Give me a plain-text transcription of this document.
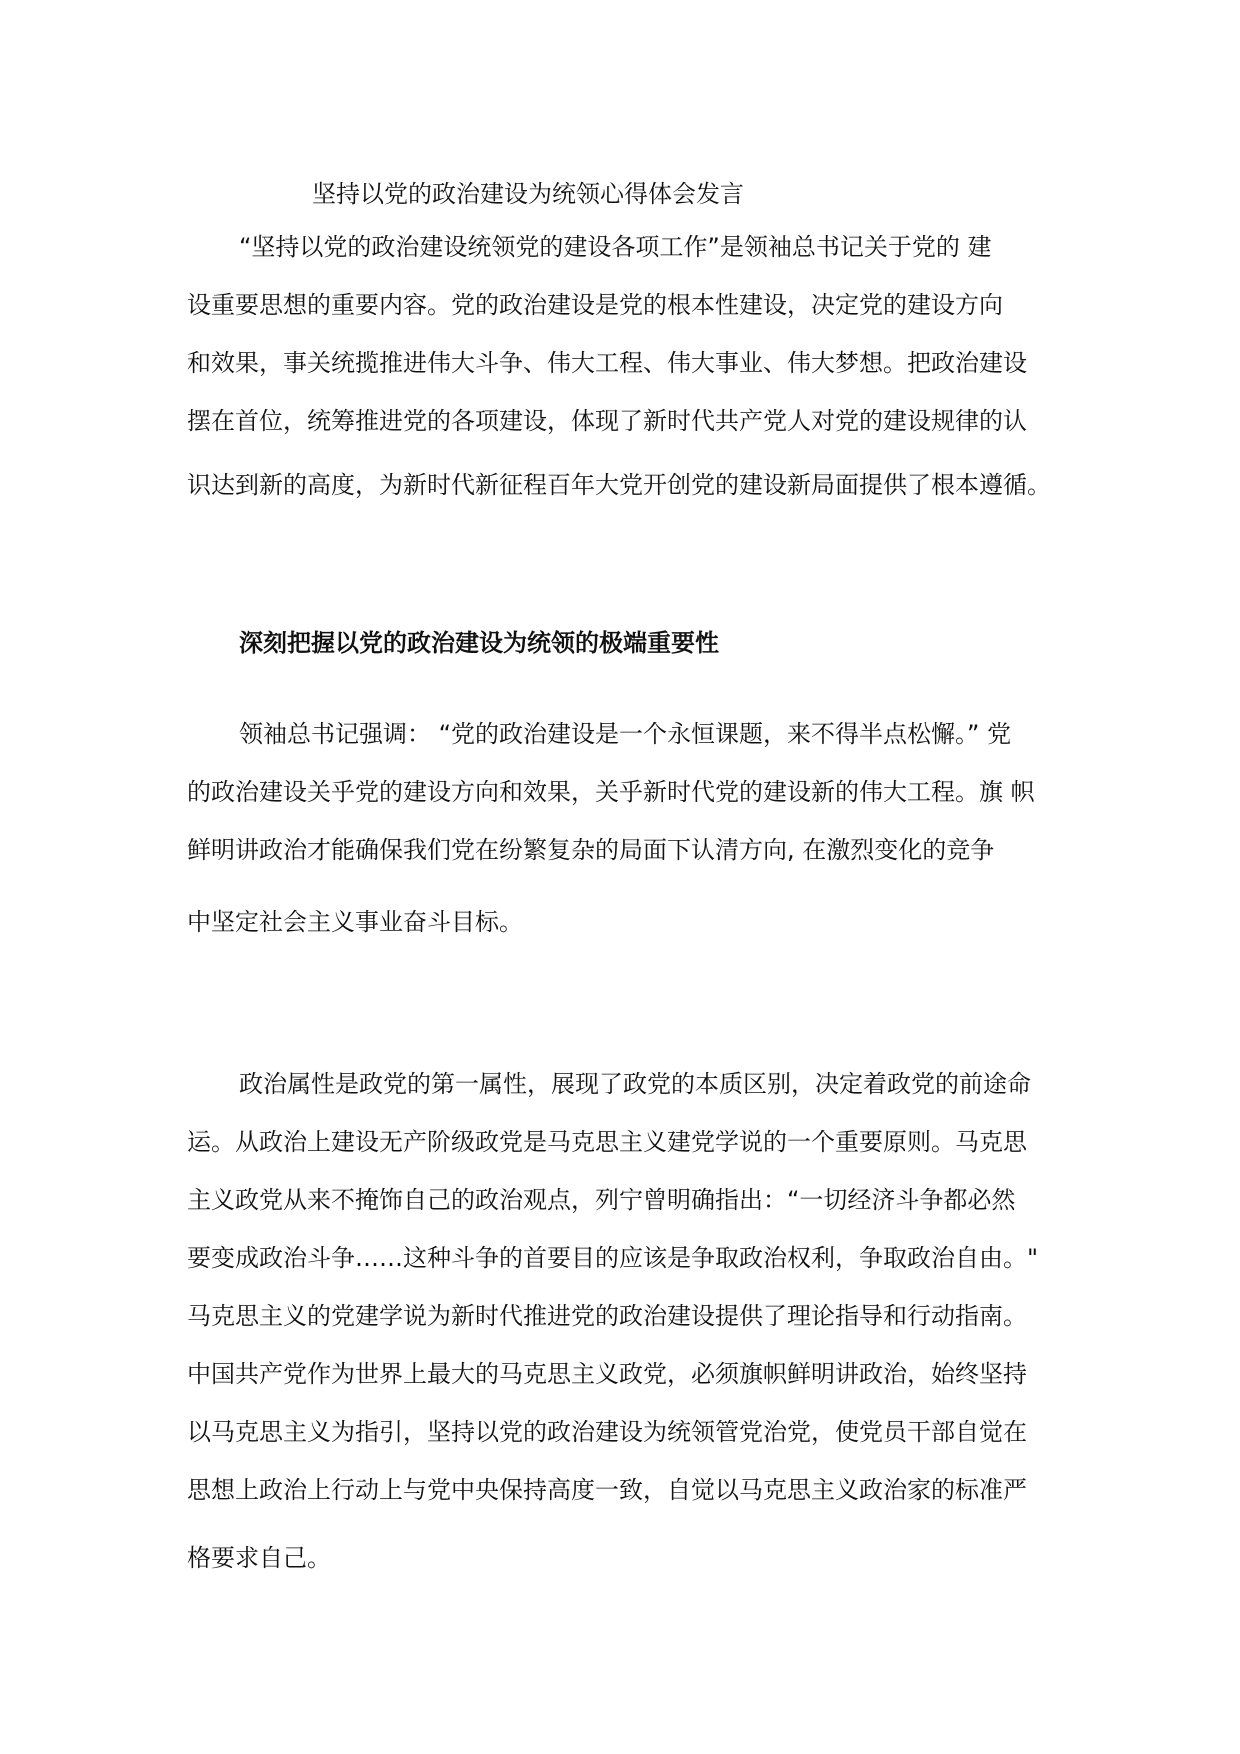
坚持以党的政治建设为统领心得体会发言
“坚持以党的政治建设统领党的建设各项工作”是领袖总书记关于党的 建
设重要思想的重要内容。党的政治建设是党的根本性建设，决定党的建设方向
和效果，事关统揽推进伟大斗争、伟大工程、伟大事业、伟大梦想。把政治建设
摆在首位，统筹推进党的各项建设，体现了新时代共产党人对党的建设规律的认
识达到新的高度，为新时代新征程百年大党开创党的建设新局面提供了根本遵循。
深刻把握以党的政治建设为统领的极端重要性
领袖总书记强调： “党的政治建设是一个永恒课题，来不得半点松懈。” 党
的政治建设关乎党的建设方向和效果，关乎新时代党的建设新的伟大工程。旗 帜
鲜明讲政治才能确保我们党在纷繁复杂的局面下认清方向, 在激烈变化的竞争
中坚定社会主义事业奋斗目标。
政治属性是政党的第一属性，展现了政党的本质区别，决定着政党的前途命
运。从政治上建设无产阶级政党是马克思主义建党学说的一个重要原则。马克思
主义政党从来不掩饰自己的政治观点，列宁曾明确指出：“一切经济斗争都必然
要变成政治斗争……这种斗争的首要目的应该是争取政治权利，争取政治自由。"
马克思主义的党建学说为新时代推进党的政治建设提供了理论指导和行动指南。
中国共产党作为世界上最大的马克思主义政党，必须旗帜鲜明讲政治，始终坚持
以马克思主义为指引，坚持以党的政治建设为统领管党治党，使党员干部自觉在
思想上政治上行动上与党中央保持高度一致，自觉以马克思主义政治家的标准严
格要求自己。
